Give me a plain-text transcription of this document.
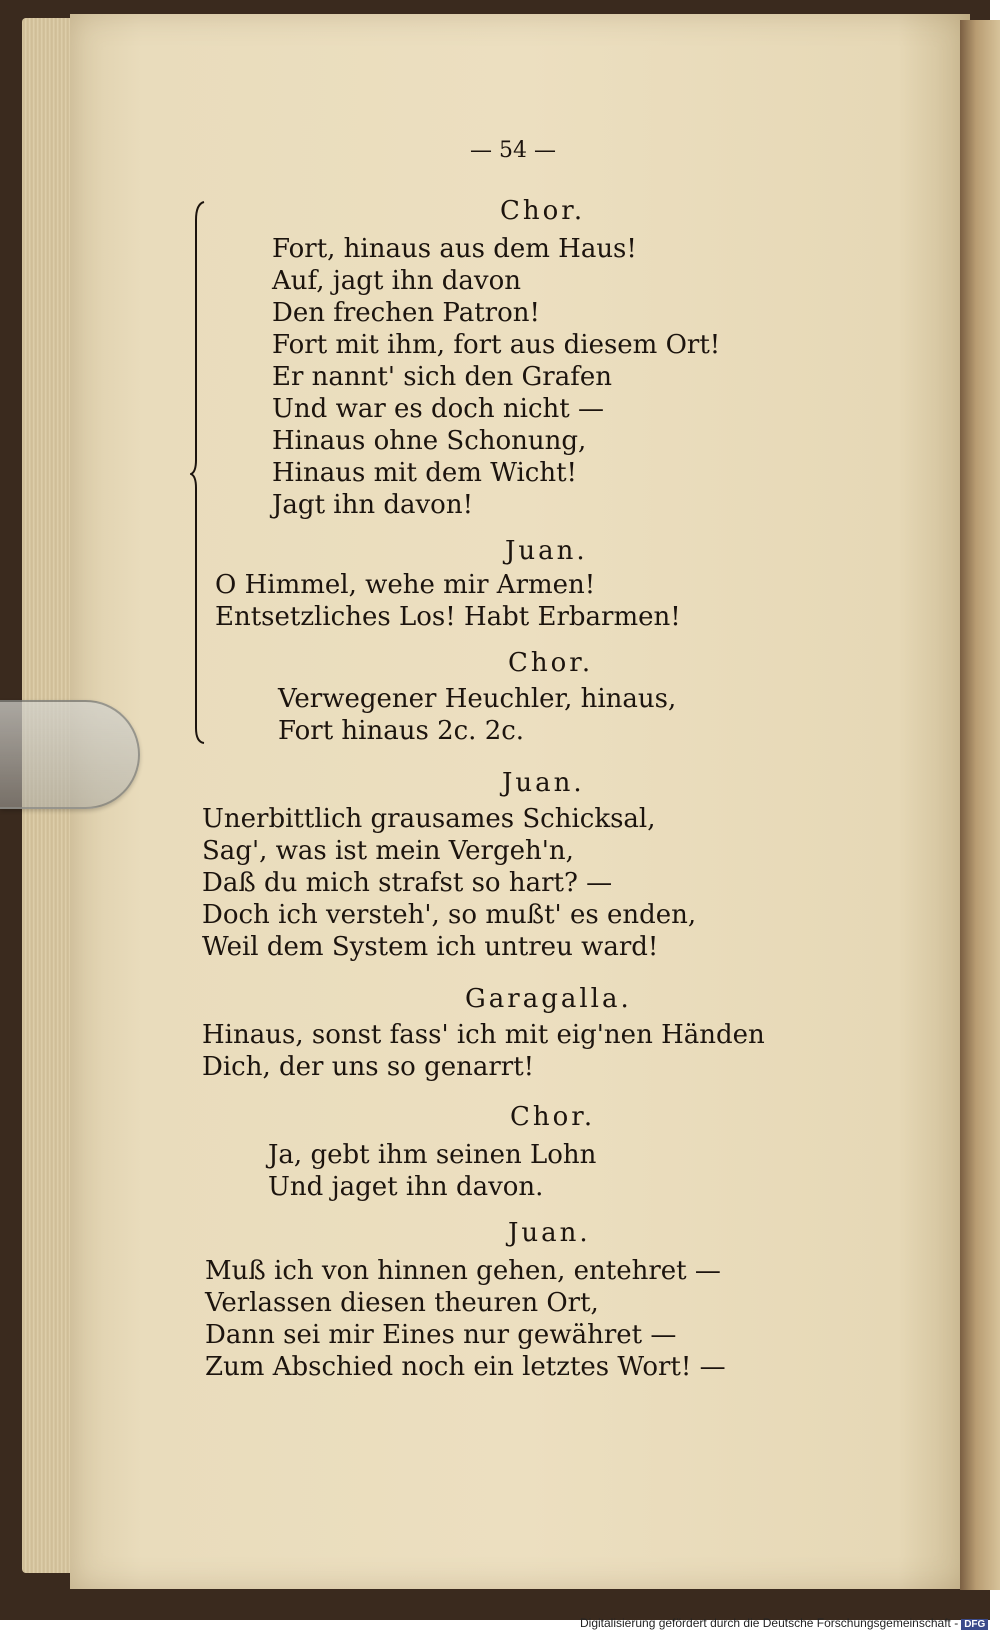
— 54 —
Chor.
Fort, hinaus aus dem Haus!
Auf, jagt ihn davon
Den frechen Patron!
Fort mit ihm, fort aus diesem Ort!
Er nannt' sich den Grafen
Und war es doch nicht —
Hinaus ohne Schonung,
Hinaus mit dem Wicht!
Jagt ihn davon!
Juan.
O Himmel, wehe mir Armen!
Entsetzliches Los! Habt Erbarmen!
Chor.
Verwegener Heuchler, hinaus,
Fort hinaus 2c. 2c.
Juan.
Unerbittlich grausames Schicksal,
Sag', was ist mein Vergeh'n,
Daß du mich strafst so hart? —
Doch ich versteh', so mußt' es enden,
Weil dem System ich untreu ward!
Garagalla.
Hinaus, sonst fass' ich mit eig'nen Händen
Dich, der uns so genarrt!
Chor.
Ja, gebt ihm seinen Lohn
Und jaget ihn davon.
Juan.
Muß ich von hinnen gehen, entehret —
Verlassen diesen theuren Ort,
Dann sei mir Eines nur gewähret —
Zum Abschied noch ein letztes Wort! —
Digitalisierung gefördert durch die Deutsche Forschungsgemeinschaft - DFG
